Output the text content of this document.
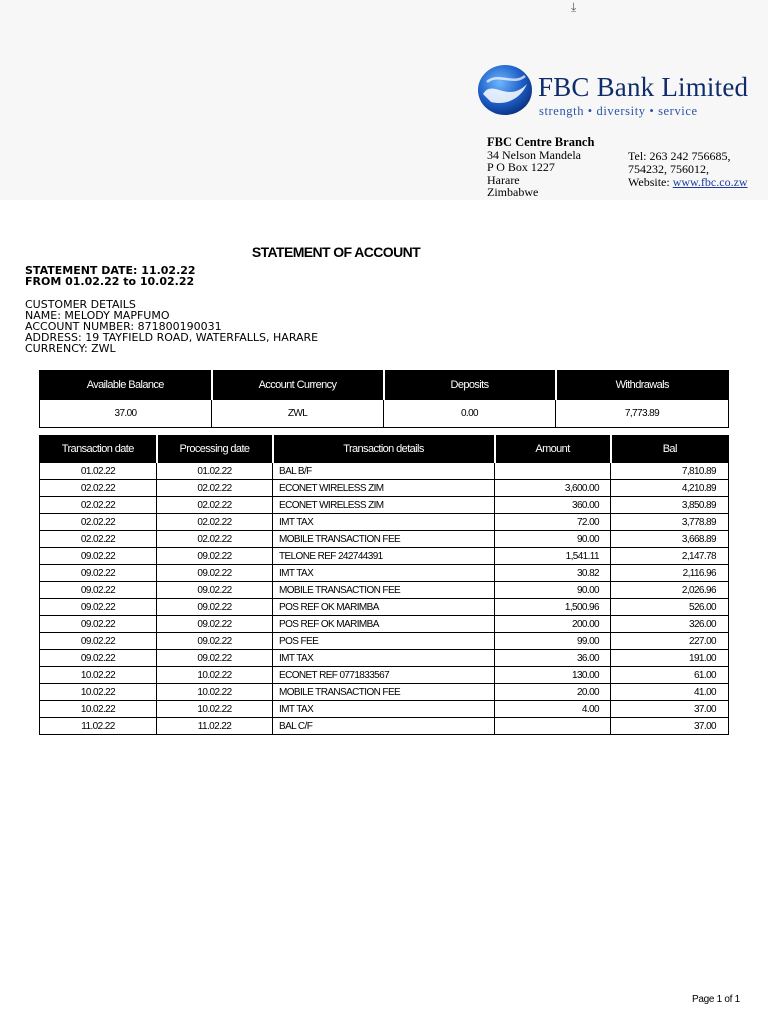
⤓
FBC Bank Limited
strength • diversity • service
FBC Centre Branch
34 Nelson Mandela
P O Box 1227
Harare
Zimbabwe
Tel: 263 242 756685,
754232, 756012,
Website: www.fbc.co.zw
STATEMENT OF ACCOUNT
STATEMENT DATE: 11.02.22
FROM 01.02.22 to 10.02.22
CUSTOMER DETAILS
NAME: MELODY MAPFUMO
ACCOUNT NUMBER: 871800190031
ADDRESS: 19 TAYFIELD ROAD, WATERFALLS, HARARE
CURRENCY: ZWL
Available Balance	Account Currency	Deposits	Withdrawals
37.00	ZWL	0.00	7,773.89
Transaction date	Processing date	Transaction details	Amount	Bal
01.02.22	01.02.22	BAL B/F		7,810.89
02.02.22	02.02.22	ECONET WIRELESS ZIM	3,600.00	4,210.89
02.02.22	02.02.22	ECONET WIRELESS ZIM	360.00	3,850.89
02.02.22	02.02.22	IMT TAX	72.00	3,778.89
02.02.22	02.02.22	MOBILE TRANSACTION FEE	90.00	3,668.89
09.02.22	09.02.22	TELONE REF 242744391	1,541.11	2,147.78
09.02.22	09.02.22	IMT TAX	30.82	2,116.96
09.02.22	09.02.22	MOBILE TRANSACTION FEE	90.00	2,026.96
09.02.22	09.02.22	POS REF OK MARIMBA	1,500.96	526.00
09.02.22	09.02.22	POS REF OK MARIMBA	200.00	326.00
09.02.22	09.02.22	POS FEE	99.00	227.00
09.02.22	09.02.22	IMT TAX	36.00	191.00
10.02.22	10.02.22	ECONET REF 0771833567	130.00	61.00
10.02.22	10.02.22	MOBILE TRANSACTION FEE	20.00	41.00
10.02.22	10.02.22	IMT TAX	4.00	37.00
11.02.22	11.02.22	BAL C/F		37.00
Page 1 of 1
